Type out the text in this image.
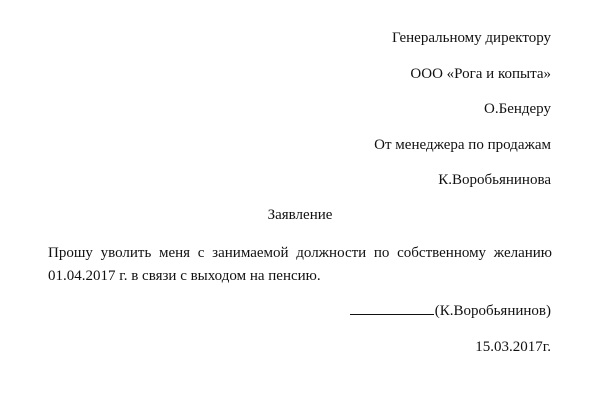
Генеральному директору
ООО «Рога и копыта»
О.Бендеру
От менеджера по продажам
К.Воробьянинова
Заявление
Прошу уволить меня с занимаемой должности по собственному желанию 01.04.2017 г. в связи с выходом на пенсию.
(К.Воробьянинов)
15.03.2017г.
